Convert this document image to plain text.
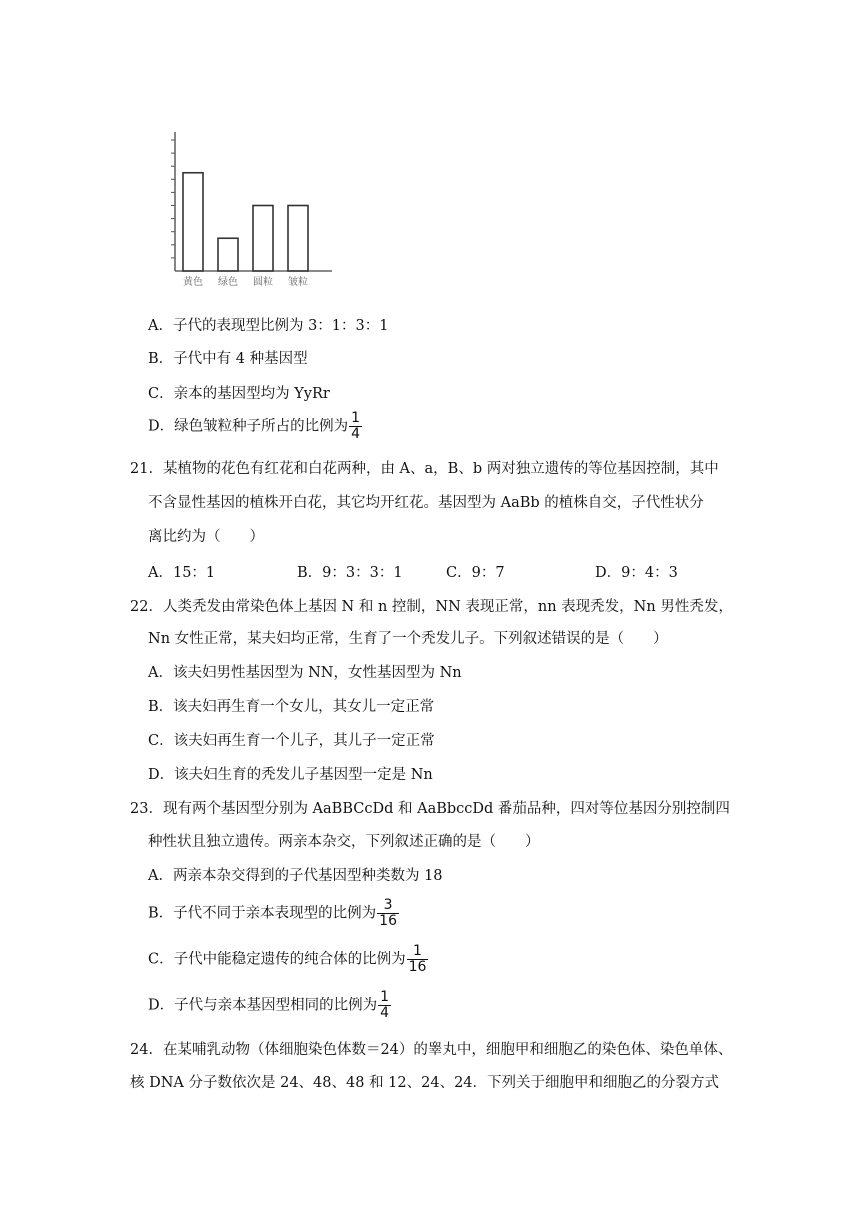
黄色 绿色 圆粒 皱粒
A．子代的表现型比例为 3：1：3：1
B．子代中有 4 种基因型
C．亲本的基因型均为 YyRr
D．绿色皱粒种子所占的比例为 $\frac{1}{4}$
21．某植物的花色有红花和白花两种，由 A、a，B、b 两对独立遗传的等位基因控制，其中
不含显性基因的植株开白花，其它均开红花。基因型为 AaBb 的植株自交，子代性状分
离比约为（　　）
A．15：1	B．9：3：3：1	C．9：7	D．9：4：3
22．人类秃发由常染色体上基因 N 和 n 控制，NN 表现正常，nn 表现秃发，Nn 男性秃发，
Nn 女性正常，某夫妇均正常，生育了一个秃发儿子。下列叙述错误的是（　　）
A．该夫妇男性基因型为 NN，女性基因型为 Nn
B．该夫妇再生育一个女儿，其女儿一定正常
C．该夫妇再生育一个儿子，其儿子一定正常
D．该夫妇生育的秃发儿子基因型一定是 Nn
23．现有两个基因型分别为 AaBBCcDd 和 AaBbccDd 番茄品种，四对等位基因分别控制四
种性状且独立遗传。两亲本杂交，下列叙述正确的是（　　）
A．两亲本杂交得到的子代基因型种类数为 18
B．子代不同于亲本表现型的比例为 $\frac{3}{16}$
C．子代中能稳定遗传的纯合体的比例为 $\frac{1}{16}$
D．子代与亲本基因型相同的比例为 $\frac{1}{4}$
24．在某哺乳动物（体细胞染色体数＝24）的睾丸中，细胞甲和细胞乙的染色体、染色单体、
核 DNA 分子数依次是 24、48、48 和 12、24、24．下列关于细胞甲和细胞乙的分裂方式
